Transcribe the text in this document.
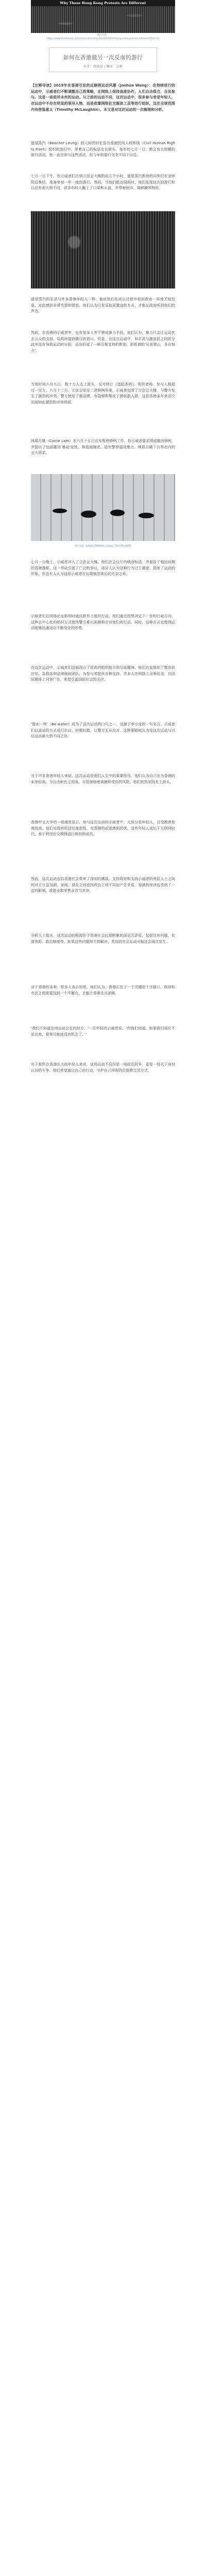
Why These Hong Kong Protests Are Different
图片来源：
https://www.theatlantic.com/international/archive/2019/07/hong-kong-protests-different/593773/
如何在香港做另一次反南的游行
作者：蒋惠迅 / 翻译：吴静
【注释导读】2019年在香港引发的反修例运动风潮（Joshua Wong）：在持续进行的运动中，示威者们不断调整自己的策略，在网络上保持高度协作，人们自由组合，自发参与。这是一场前所未有的运动。与之前的运动不同，这次运动中，很多参与者是年轻人，在运动中不存在明显的领导人物，而是依靠网络社交媒体工具等进行组织，这在全球范围内有借鉴意义（Timothy McLaughlin）。本文是对这次运动的一次梳理和分析。
遥望蒸汽（Beecher Leung）的儿时的回忆是在香港民间人权阵线（Civil Human Rights Front）组织的游行中，举着自己的标语走在街头。每年的七月一日，都会有大规模的游行活动，他一直在参与这些活动，但今年的游行完全不同于以往。
七月一日下午，在示威者们占领立法会大楼的前几个小时，遥望蒸汽和他的同伴们在金钟附近集结，准备参加一年一度的游行。然而，当他们抵达现场时，他们发现这次的游行和以往有很大的不同，很多年轻人戴上了口罩和头盔，并带着雨伞、保鲜膜等物资。
遥望蒸汽的生活与许多香港年轻人一样。他说他们在成长过程中看到政府一再地无视民意，对此感到非常失望和愤怒。他们认为只有采取更激进的方式，才能让政府听到他们的声音。
然而，在香港的示威者中，也有很多人并不赞成暴力手段。他们认为，暴力只会让运动失去公众的支持，给政府提供镇压的借口。但是，在这次运动中，和平派与激进派之间的分歧并没有导致运动的分裂，反而形成了一种互相支持的默契，即所谓的'兄弟爬山，各自努力'。
当地时间六月九日，数十万人走上街头，反对修订《逃犯条例》。组织者称，参与人数超过一百万。六月十二日，立法会原定二读修例草案，示威者包围了立法会大楼，与警方发生了激烈的冲突。警方使用了催泪弹、布袋弹和橡皮子弹驱散人群，这是香港多年来首次出现如此激烈的冲突场面。
林郑月娥（Carrie Lam）在六月十五日宣布暂停修例工作，但示威者要求彻底撤回修例，并提出了包括撤回'暴动'定性、释放被捕者、追究警察滥用暴力、林郑月娥下台等在内的五大诉求。
图片来源：HAILEY PARKER / Getty / THE ATLANTIC
七月一日晚上，示威者冲入了立法会大楼，他们在会议厅内喷涂标语，并悬挂了殖民时期的香港旗帜。这一举动引起了广泛的争议，部分人认为这种行为过于激进，损害了运动的形象，但也有人认为这是示威者在长期被忽视后的无奈之举。
示威者们在网络论坛和即时通讯软件上组织行动，他们通过投票决定下一步的行动方向，这种去中心化的组织方式使得警方难以预测和应对他们的行动。同时，这种方式也使得运动能够迅速适应不断变化的形势。
在这次运动中，示威者们还展现出了很高的组织能力和互助精神。他们自发组织了物资供应站、急救站和法律援助团队，为参与者提供各种支持。许多人在网络上众筹资金，在国际媒体上刊登广告，希望引起国际社会的关注。
'像水一样'（Be water）成为了这次运动的口号之一，这源于李小龙的一句名言。示威者们以流动的方式进行抗议，时聚时散，让警方无从应对。这种策略被认为是这次运动与以往运动最大的不同之处。
对于许多香港年轻人来说，这次运动是他们人生中的重要经历。他们认为自己在为香港的未来而战，为自由和民主而战。尽管面临着被捕和受伤的风险，他们依然坚持走上街头。
香港中文大学的一项调查显示，参与这次运动的示威者中，大部分是年轻人，且受教育程度较高。他们对政府的信任度很低，对香港的前途感到担忧。这些年轻人成长于互联网时代，善于利用社交媒体进行组织和动员。
然而，这次运动也给香港社会带来了深刻的撕裂。支持政府和支持示威者的两派人士之间的对立日益加剧，家庭、朋友之间也因政治立场不同而产生矛盾。香港的经济也受到了一定的影响，旅游业和零售业首当其冲。
分析人士指出，这次运动的根源在于香港社会长期积累的深层次矛盾，包括住房问题、贫富差距、政治制度等。如果这些问题得不到解决，类似的社会运动可能还会再次发生。
对于香港的未来，很多人表示担忧。他们认为，香港正处于一个关键的十字路口，政府和市民之间需要找到一个平衡点，才能让香港走出困境。
'我们不知道这场运动会走向何方，'一位年轻的示威者说，'但我们知道，如果我们现在不站出来，将来可能就没有机会了。'
对于那些在香港长大的年轻人来说，这场运动不仅仅是一场政治抗争，更是一场关于身份认同的斗争。他们希望通过自己的行动，守护自己珍视的价值和生活方式。
